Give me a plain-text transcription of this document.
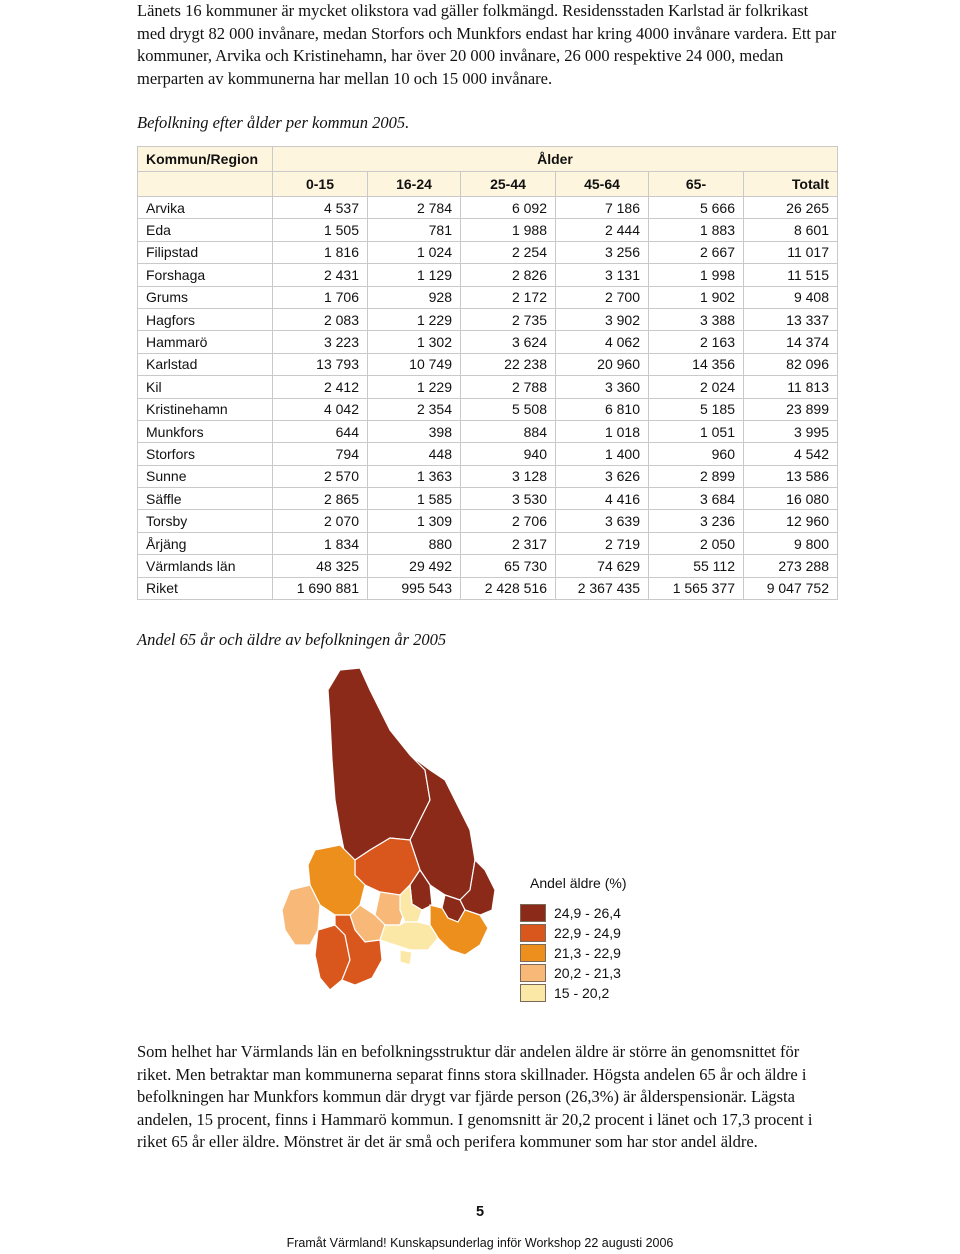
Länets 16 kommuner är mycket olikstora vad gäller folkmängd. Residensstaden Karlstad är folkrikast med drygt 82 000 invånare, medan Storfors och Munkfors endast har kring 4000 invånare vardera. Ett par kommuner, Arvika och Kristinehamn, har över 20 000 invånare, 26 000 respektive 24 000, medan merparten av kommunerna har mellan 10 och 15 000 invånare.

Befolkning efter ålder per kommun 2005.

Kommun/Region	Ålder					
	0-15	16-24	25-44	45-64	65-	Totalt
Arvika	4 537	2 784	6 092	7 186	5 666	26 265
Eda	1 505	781	1 988	2 444	1 883	8 601
Filipstad	1 816	1 024	2 254	3 256	2 667	11 017
Forshaga	2 431	1 129	2 826	3 131	1 998	11 515
Grums	1 706	928	2 172	2 700	1 902	9 408
Hagfors	2 083	1 229	2 735	3 902	3 388	13 337
Hammarö	3 223	1 302	3 624	4 062	2 163	14 374
Karlstad	13 793	10 749	22 238	20 960	14 356	82 096
Kil	2 412	1 229	2 788	3 360	2 024	11 813
Kristinehamn	4 042	2 354	5 508	6 810	5 185	23 899
Munkfors	644	398	884	1 018	1 051	3 995
Storfors	794	448	940	1 400	960	4 542
Sunne	2 570	1 363	3 128	3 626	2 899	13 586
Säffle	2 865	1 585	3 530	4 416	3 684	16 080
Torsby	2 070	1 309	2 706	3 639	3 236	12 960
Årjäng	1 834	880	2 317	2 719	2 050	9 800
Värmlands län	48 325	29 492	65 730	74 629	55 112	273 288
Riket	1 690 881	995 543	2 428 516	2 367 435	1 565 377	9 047 752

Andel 65 år och äldre av befolkningen år 2005

Andel äldre (%)
24,9 - 26,4
22,9 - 24,9
21,3 - 22,9
20,2 - 21,3
15 - 20,2

Som helhet har Värmlands län en befolkningsstruktur där andelen äldre är större än genomsnittet för riket. Men betraktar man kommunerna separat finns stora skillnader. Högsta andelen 65 år och äldre i befolkningen har Munkfors kommun där drygt var fjärde person (26,3%) är ålderspensionär. Lägsta andelen, 15 procent, finns i Hammarö kommun. I genomsnitt är 20,2 procent i länet och 17,3 procent i riket 65 år eller äldre. Mönstret är det är små och perifera kommuner som har stor andel äldre.

5
Framåt Värmland! Kunskapsunderlag inför Workshop 22 augusti 2006
